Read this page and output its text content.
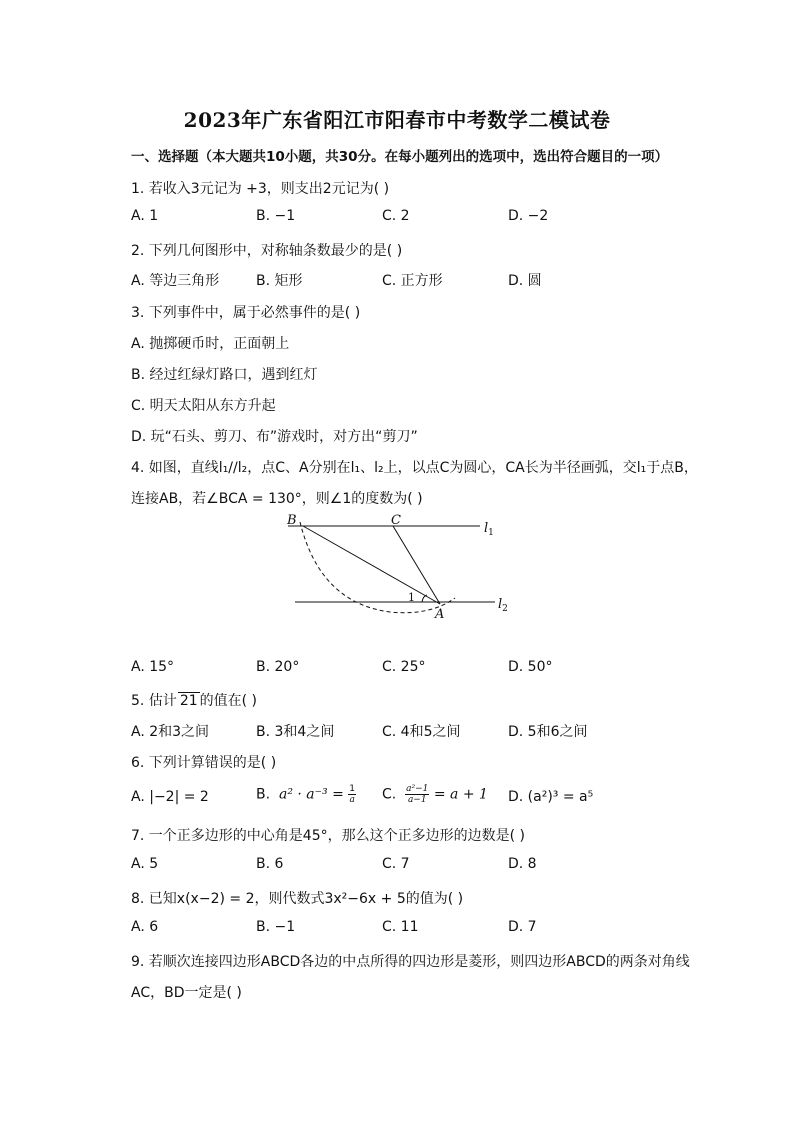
2023年广东省阳江市阳春市中考数学二模试卷
一、选择题（本大题共10小题，共30分。在每小题列出的选项中，选出符合题目的一项）
1. 若收入3元记为 +3，则支出2元记为( )
A. 1	B. −1	C. 2	D. −2
2. 下列几何图形中，对称轴条数最少的是( )
A. 等边三角形	B. 矩形	C. 正方形	D. 圆
3. 下列事件中，属于必然事件的是( )
A. 抛掷硬币时，正面朝上
B. 经过红绿灯路口，遇到红灯
C. 明天太阳从东方升起
D. 玩“石头、剪刀、布”游戏时，对方出“剪刀”
4. 如图，直线l₁//l₂，点C、A分别在l₁、l₂上，以点C为圆心，CA长为半径画弧，交l₁于点B，
连接AB，若∠BCA = 130°，则∠1的度数为( )
B	C
A
1
$l_1$
$l_2$
A. 15°	B. 20°	C. 25°	D. 50°
5. 估计 21 的值在( )
A. 2和3之间	B. 3和4之间	C. 4和5之间	D. 5和6之间
6. 下列计算错误的是( )
A. |−2| = 2	B. $a^2 \cdot a^{-3} = \frac{1}{a} C$. $\frac{\text{a²−1}}{a-1} = a + 1$ D. (a²)³ = a⁵
7. 一个正多边形的中心角是45°，那么这个正多边形的边数是( )
A. 5	B. 6	C. 7	D. 8
8. 已知x(x−2) = 2，则代数式3x²−6x + 5的值为( )
A. 6	B. −1	C. 11	D. 7
9. 若顺次连接四边形ABCD各边的中点所得的四边形是菱形，则四边形ABCD的两条对角线
AC，BD一定是( )
